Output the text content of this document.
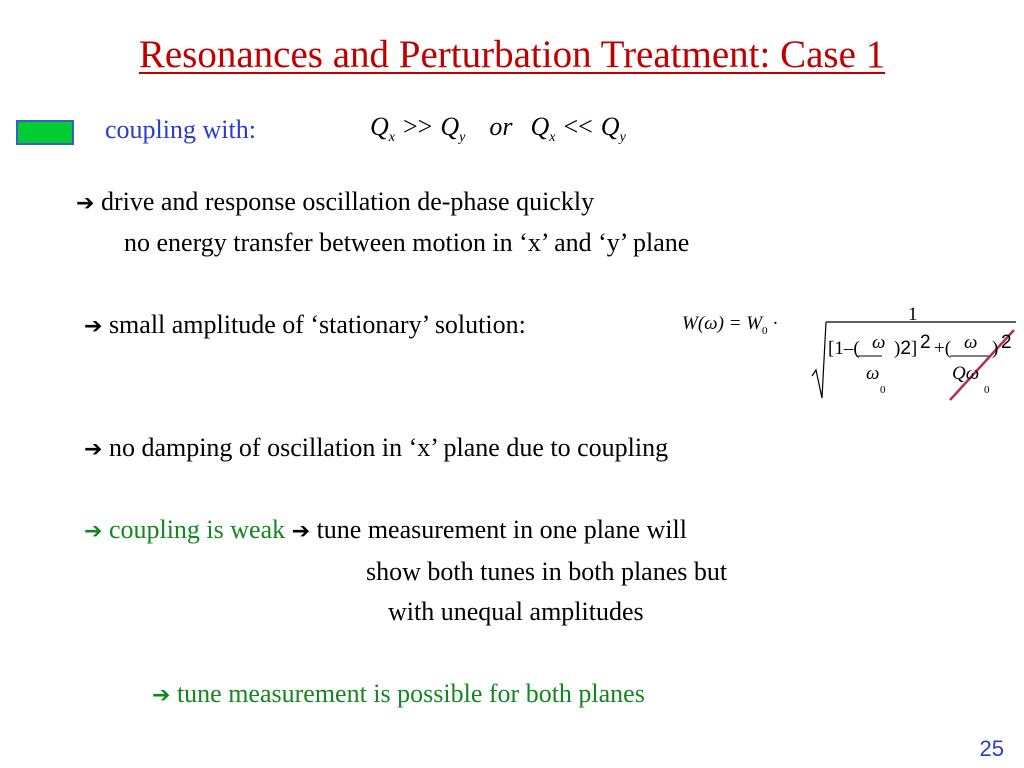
Resonances and Perturbation Treatment: Case 1
coupling with:	$Q_x >> Q_y$ or $Q_x << Q_y$
➔ drive and response oscillation de-phase quickly
no energy transfer between motion in ‘x’ and ‘y’ plane
➔ small amplitude of ‘stationary’ solution:	$W(\omega) = W_0$ ·	1
[1–( ω )2] 2 +( ω ) 2
ω
0
Qω
0
➔ no damping of oscillation in ‘x’ plane due to coupling
➔ coupling is weak ➔ tune measurement in one plane will
show both tunes in both planes but
with unequal amplitudes
➔ tune measurement is possible for both planes
25
